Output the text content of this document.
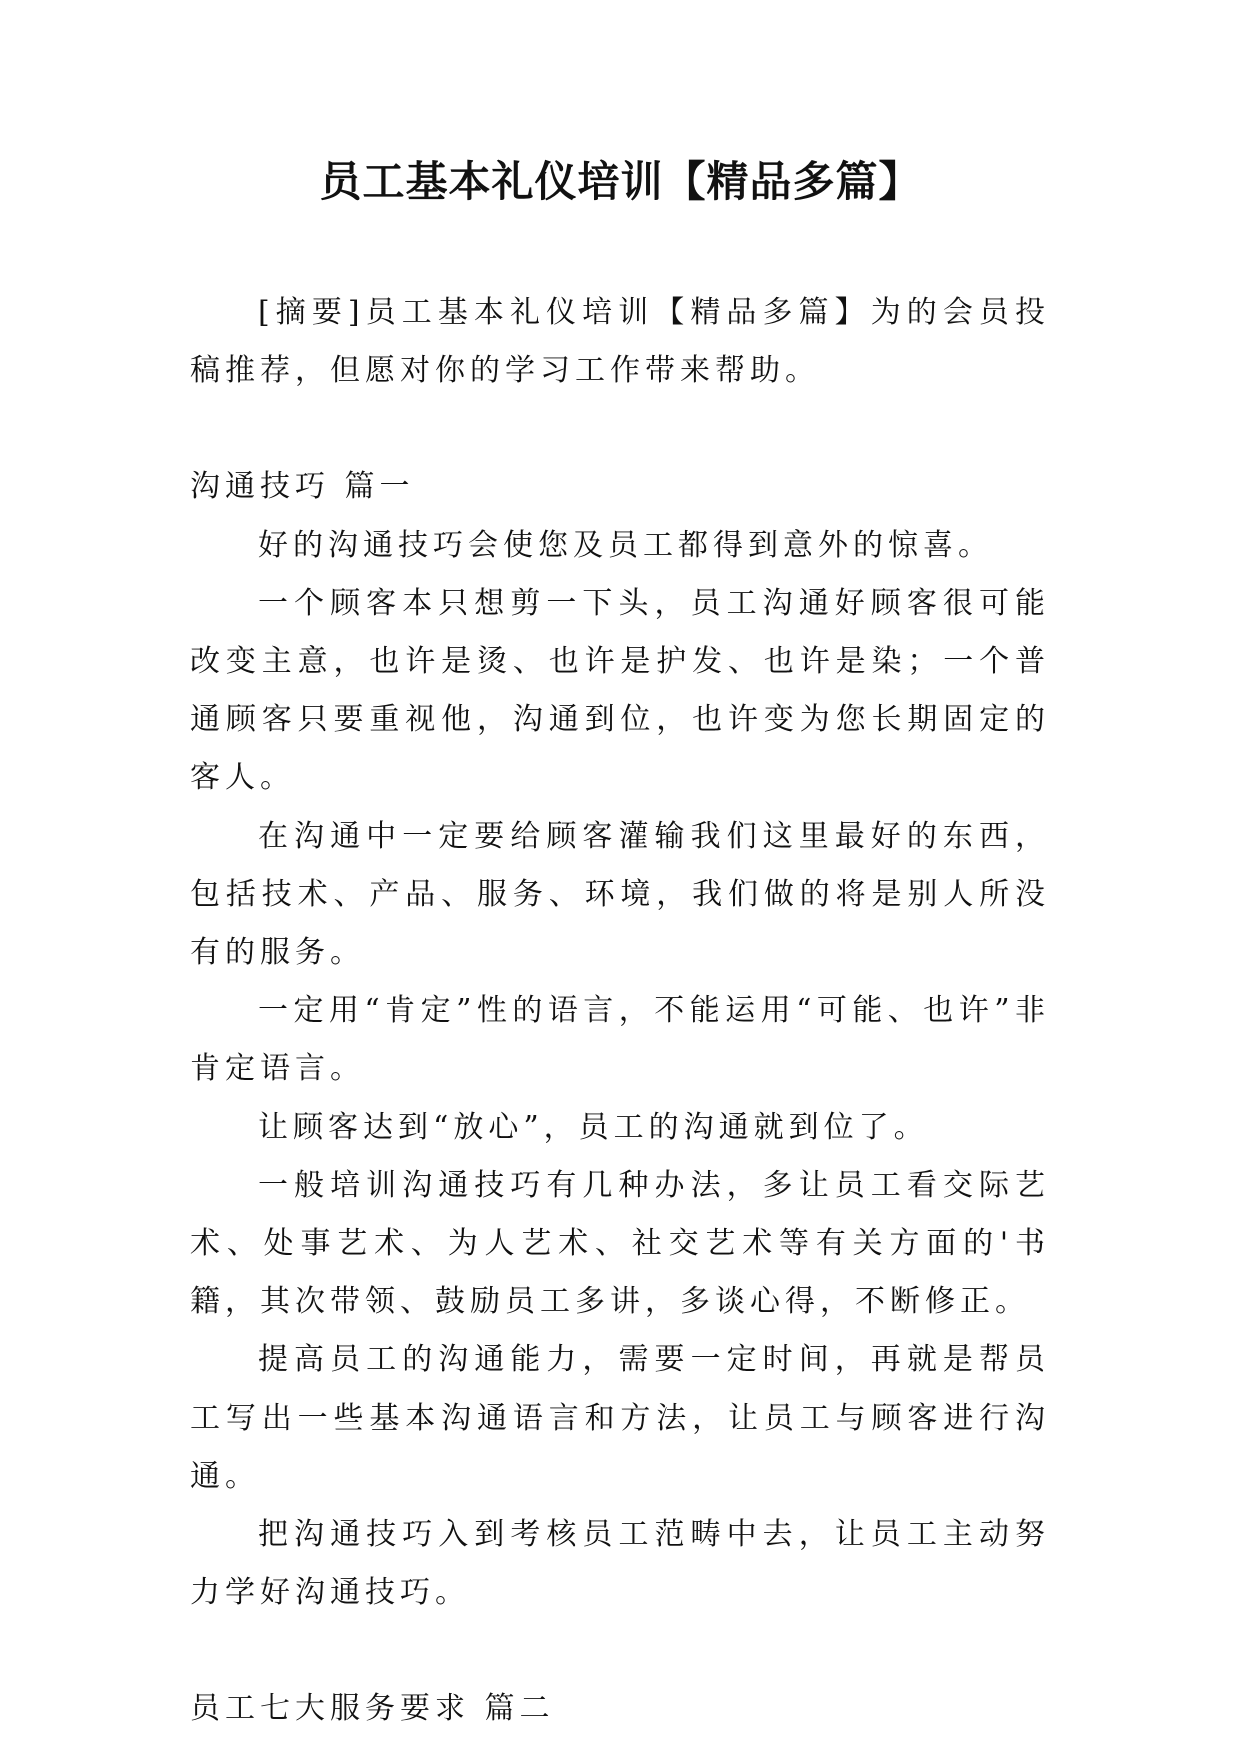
员工基本礼仪培训【精品多篇】

[摘要]员工基本礼仪培训【精品多篇】为的会员投稿推荐，但愿对你的学习工作带来帮助。

沟通技巧 篇一

好的沟通技巧会使您及员工都得到意外的惊喜。

一个顾客本只想剪一下头，员工沟通好顾客很可能改变主意，也许是烫、也许是护发、也许是染；一个普通顾客只要重视他，沟通到位，也许变为您长期固定的客人。

在沟通中一定要给顾客灌输我们这里最好的东西，包括技术、产品、服务、环境，我们做的将是别人所没有的服务。

一定用“肯定”性的语言，不能运用“可能、也许”非肯定语言。

让顾客达到“放心”，员工的沟通就到位了。

一般培训沟通技巧有几种办法，多让员工看交际艺术、处事艺术、为人艺术、社交艺术等有关方面的'书籍，其次带领、鼓励员工多讲，多谈心得，不断修正。

提高员工的沟通能力，需要一定时间，再就是帮员工写出一些基本沟通语言和方法，让员工与顾客进行沟通。

把沟通技巧入到考核员工范畴中去，让员工主动努力学好沟通技巧。

员工七大服务要求 篇二
